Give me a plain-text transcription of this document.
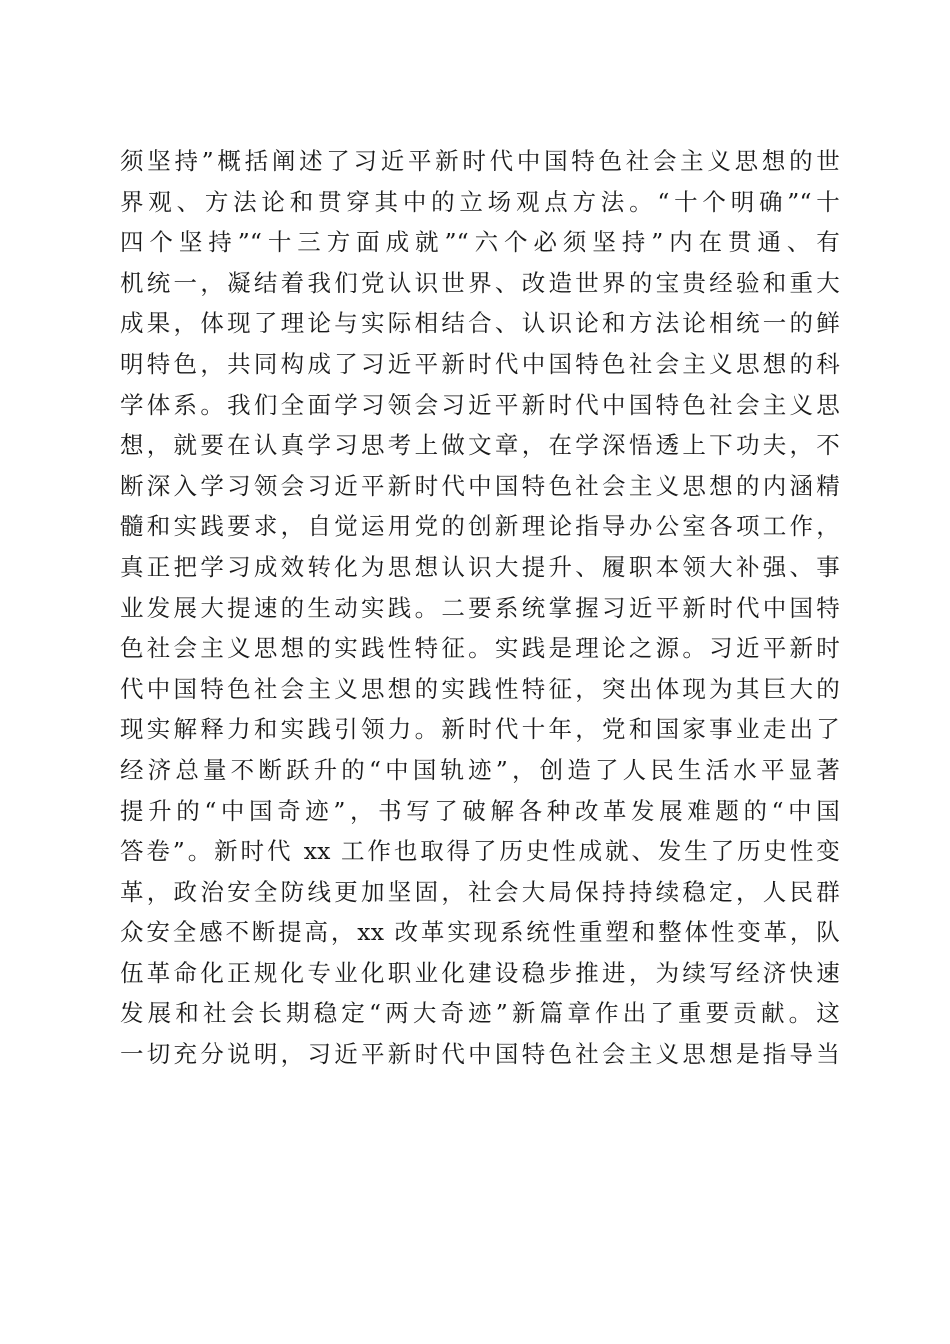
须坚持”概括阐述了习近平新时代中国特色社会主义思想的世
界观、方法论和贯穿其中的立场观点方法。“十个明确”“十
四个坚持”“十三方面成就”“六个必须坚持”内在贯通、有
机统一，凝结着我们党认识世界、改造世界的宝贵经验和重大
成果，体现了理论与实际相结合、认识论和方法论相统一的鲜
明特色，共同构成了习近平新时代中国特色社会主义思想的科
学体系。我们全面学习领会习近平新时代中国特色社会主义思
想，就要在认真学习思考上做文章，在学深悟透上下功夫，不
断深入学习领会习近平新时代中国特色社会主义思想的内涵精
髓和实践要求，自觉运用党的创新理论指导办公室各项工作，
真正把学习成效转化为思想认识大提升、履职本领大补强、事
业发展大提速的生动实践。二要系统掌握习近平新时代中国特
色社会主义思想的实践性特征。实践是理论之源。习近平新时
代中国特色社会主义思想的实践性特征，突出体现为其巨大的
现实解释力和实践引领力。新时代十年，党和国家事业走出了
经济总量不断跃升的“中国轨迹”，创造了人民生活水平显著
提升的“中国奇迹”，书写了破解各种改革发展难题的“中国
答卷”。新时代 xx 工作也取得了历史性成就、发生了历史性变
革，政治安全防线更加坚固，社会大局保持持续稳定，人民群
众安全感不断提高，xx 改革实现系统性重塑和整体性变革，队
伍革命化正规化专业化职业化建设稳步推进，为续写经济快速
发展和社会长期稳定“两大奇迹”新篇章作出了重要贡献。这
一切充分说明，习近平新时代中国特色社会主义思想是指导当
